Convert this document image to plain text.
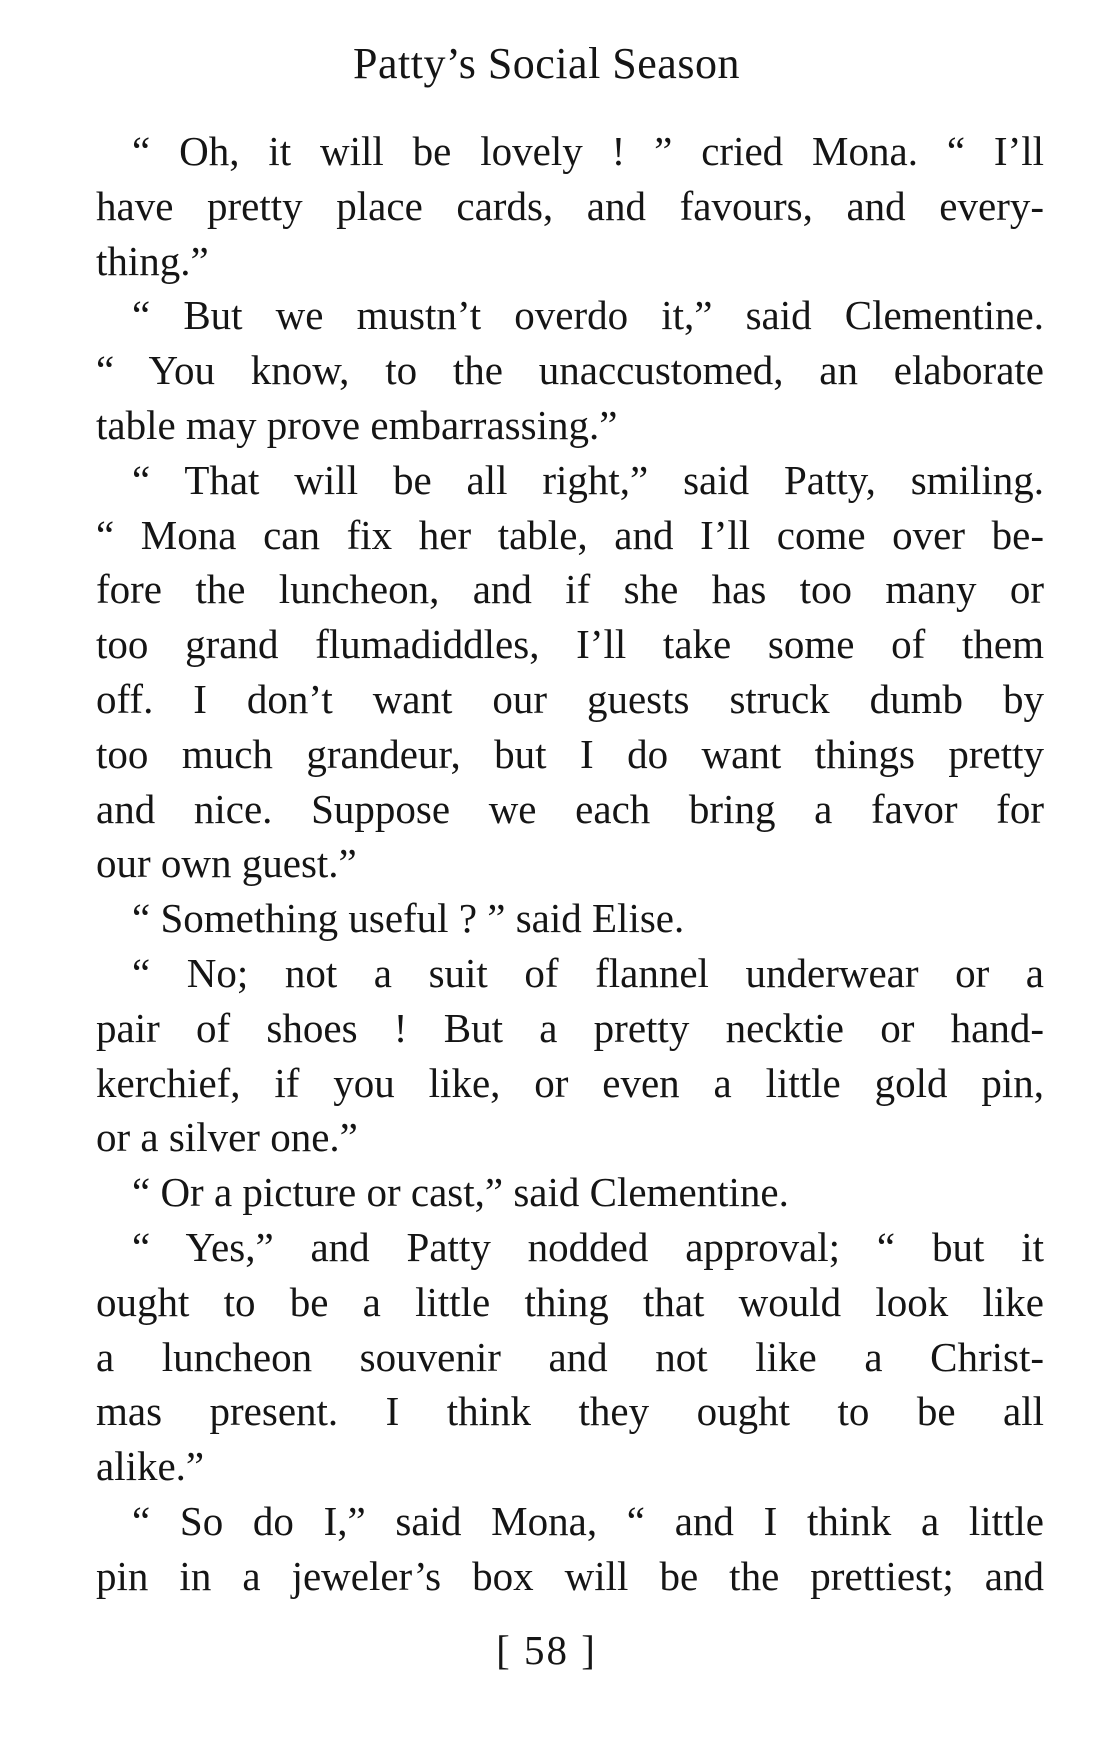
Patty’s Social Season
“ Oh, it will be lovely ! ” cried Mona. “ I’ll
have pretty place cards, and favours, and every-
thing.”
“ But we mustn’t overdo it,” said Clementine.
“ You know, to the unaccustomed, an elaborate
table may prove embarrassing.”
“ That will be all right,” said Patty, smiling.
“ Mona can fix her table, and I’ll come over be-
fore the luncheon, and if she has too many or
too grand flumadiddles, I’ll take some of them
off. I don’t want our guests struck dumb by
too much grandeur, but I do want things pretty
and nice. Suppose we each bring a favor for
our own guest.”
“ Something useful ? ” said Elise.
“ No; not a suit of flannel underwear or a
pair of shoes ! But a pretty necktie or hand-
kerchief, if you like, or even a little gold pin,
or a silver one.”
“ Or a picture or cast,” said Clementine.
“ Yes,” and Patty nodded approval; “ but it
ought to be a little thing that would look like
a luncheon souvenir and not like a Christ-
mas present. I think they ought to be all
alike.”
“ So do I,” said Mona, “ and I think a little
pin in a jeweler’s box will be the prettiest; and
[ 58 ]
